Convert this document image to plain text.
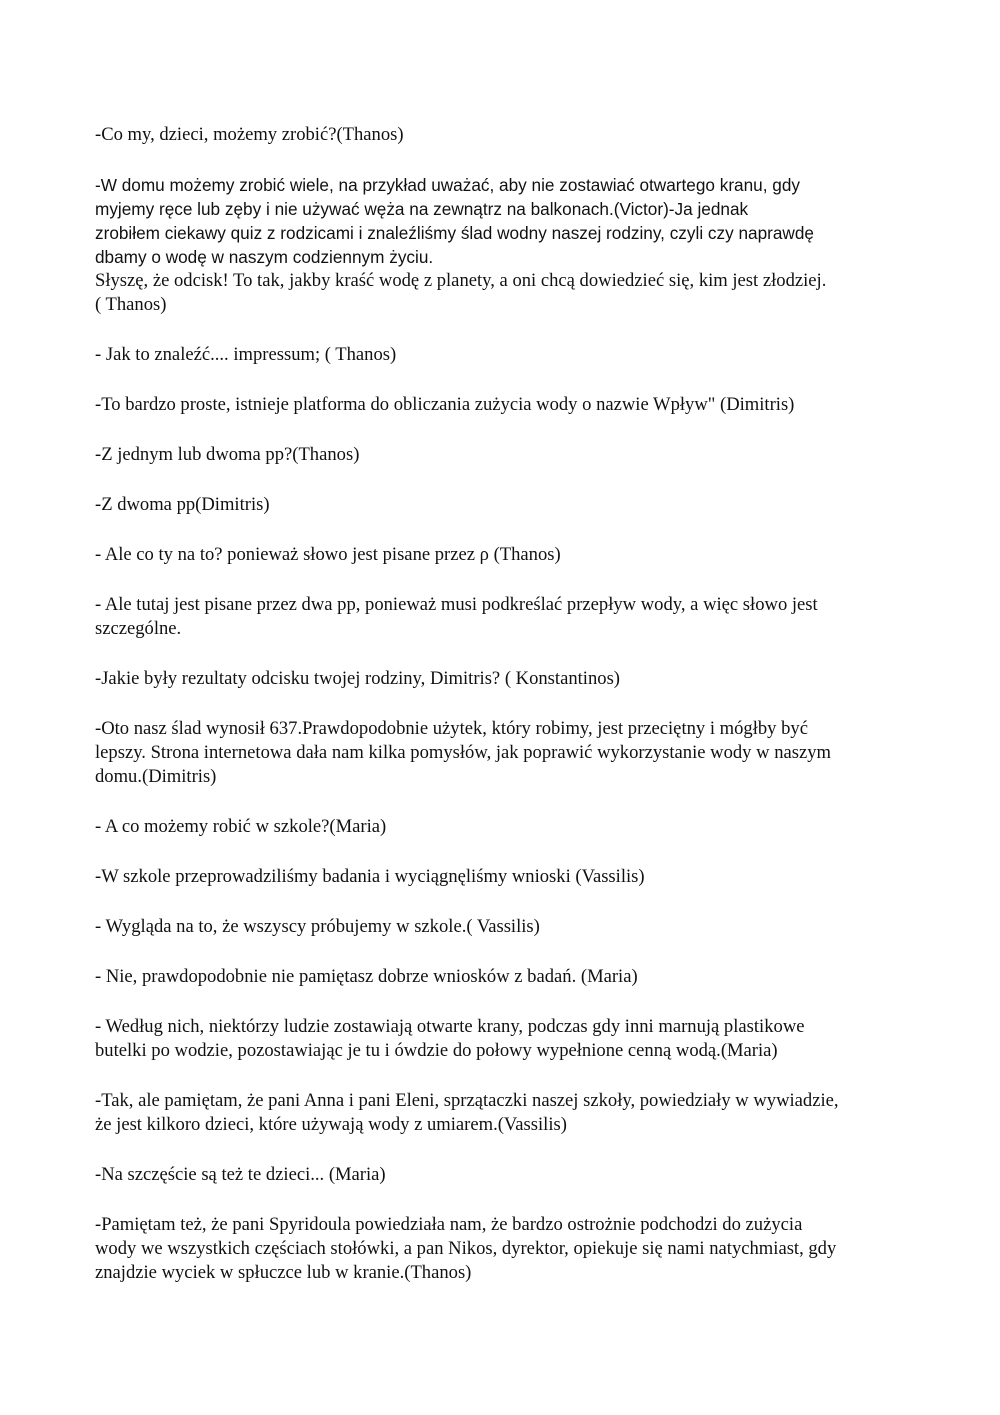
-Co my, dzieci, możemy zrobić?(Thanos)

-W domu możemy zrobić wiele, na przykład uważać, aby nie zostawiać otwartego kranu, gdy
myjemy ręce lub zęby i nie używać węża na zewnątrz na balkonach.(Victor)-Ja jednak
zrobiłem ciekawy quiz z rodzicami i znaleźliśmy ślad wodny naszej rodziny, czyli czy naprawdę
dbamy o wodę w naszym codziennym życiu.

Słyszę, że odcisk! To tak, jakby kraść wodę z planety, a oni chcą dowiedzieć się, kim jest złodziej.
( Thanos)

- Jak to znaleźć.... impressum; ( Thanos)

-To bardzo proste, istnieje platforma do obliczania zużycia wody o nazwie Wpływ" (Dimitris)

-Z jednym lub dwoma pp?(Thanos)

-Z dwoma pp(Dimitris)

- Ale co ty na to? ponieważ słowo jest pisane przez ρ (Thanos)

- Ale tutaj jest pisane przez dwa pp, ponieważ musi podkreślać przepływ wody, a więc słowo jest
szczególne.

-Jakie były rezultaty odcisku twojej rodziny, Dimitris? ( Konstantinos)

-Oto nasz ślad wynosił 637.Prawdopodobnie użytek, który robimy, jest przeciętny i mógłby być
lepszy. Strona internetowa dała nam kilka pomysłów, jak poprawić wykorzystanie wody w naszym
domu.(Dimitris)

- A co możemy robić w szkole?(Maria)

-W szkole przeprowadziliśmy badania i wyciągnęliśmy wnioski (Vassilis)

- Wygląda na to, że wszyscy próbujemy w szkole.( Vassilis)

- Nie, prawdopodobnie nie pamiętasz dobrze wniosków z badań. (Maria)

- Według nich, niektórzy ludzie zostawiają otwarte krany, podczas gdy inni marnują plastikowe
butelki po wodzie, pozostawiając je tu i ówdzie do połowy wypełnione cenną wodą.(Maria)

-Tak, ale pamiętam, że pani Anna i pani Eleni, sprzątaczki naszej szkoły, powiedziały w wywiadzie,
że jest kilkoro dzieci, które używają wody z umiarem.(Vassilis)

-Na szczęście są też te dzieci... (Maria)

-Pamiętam też, że pani Spyridoula powiedziała nam, że bardzo ostrożnie podchodzi do zużycia
wody we wszystkich częściach stołówki, a pan Nikos, dyrektor, opiekuje się nami natychmiast, gdy
znajdzie wyciek w spłuczce lub w kranie.(Thanos)
